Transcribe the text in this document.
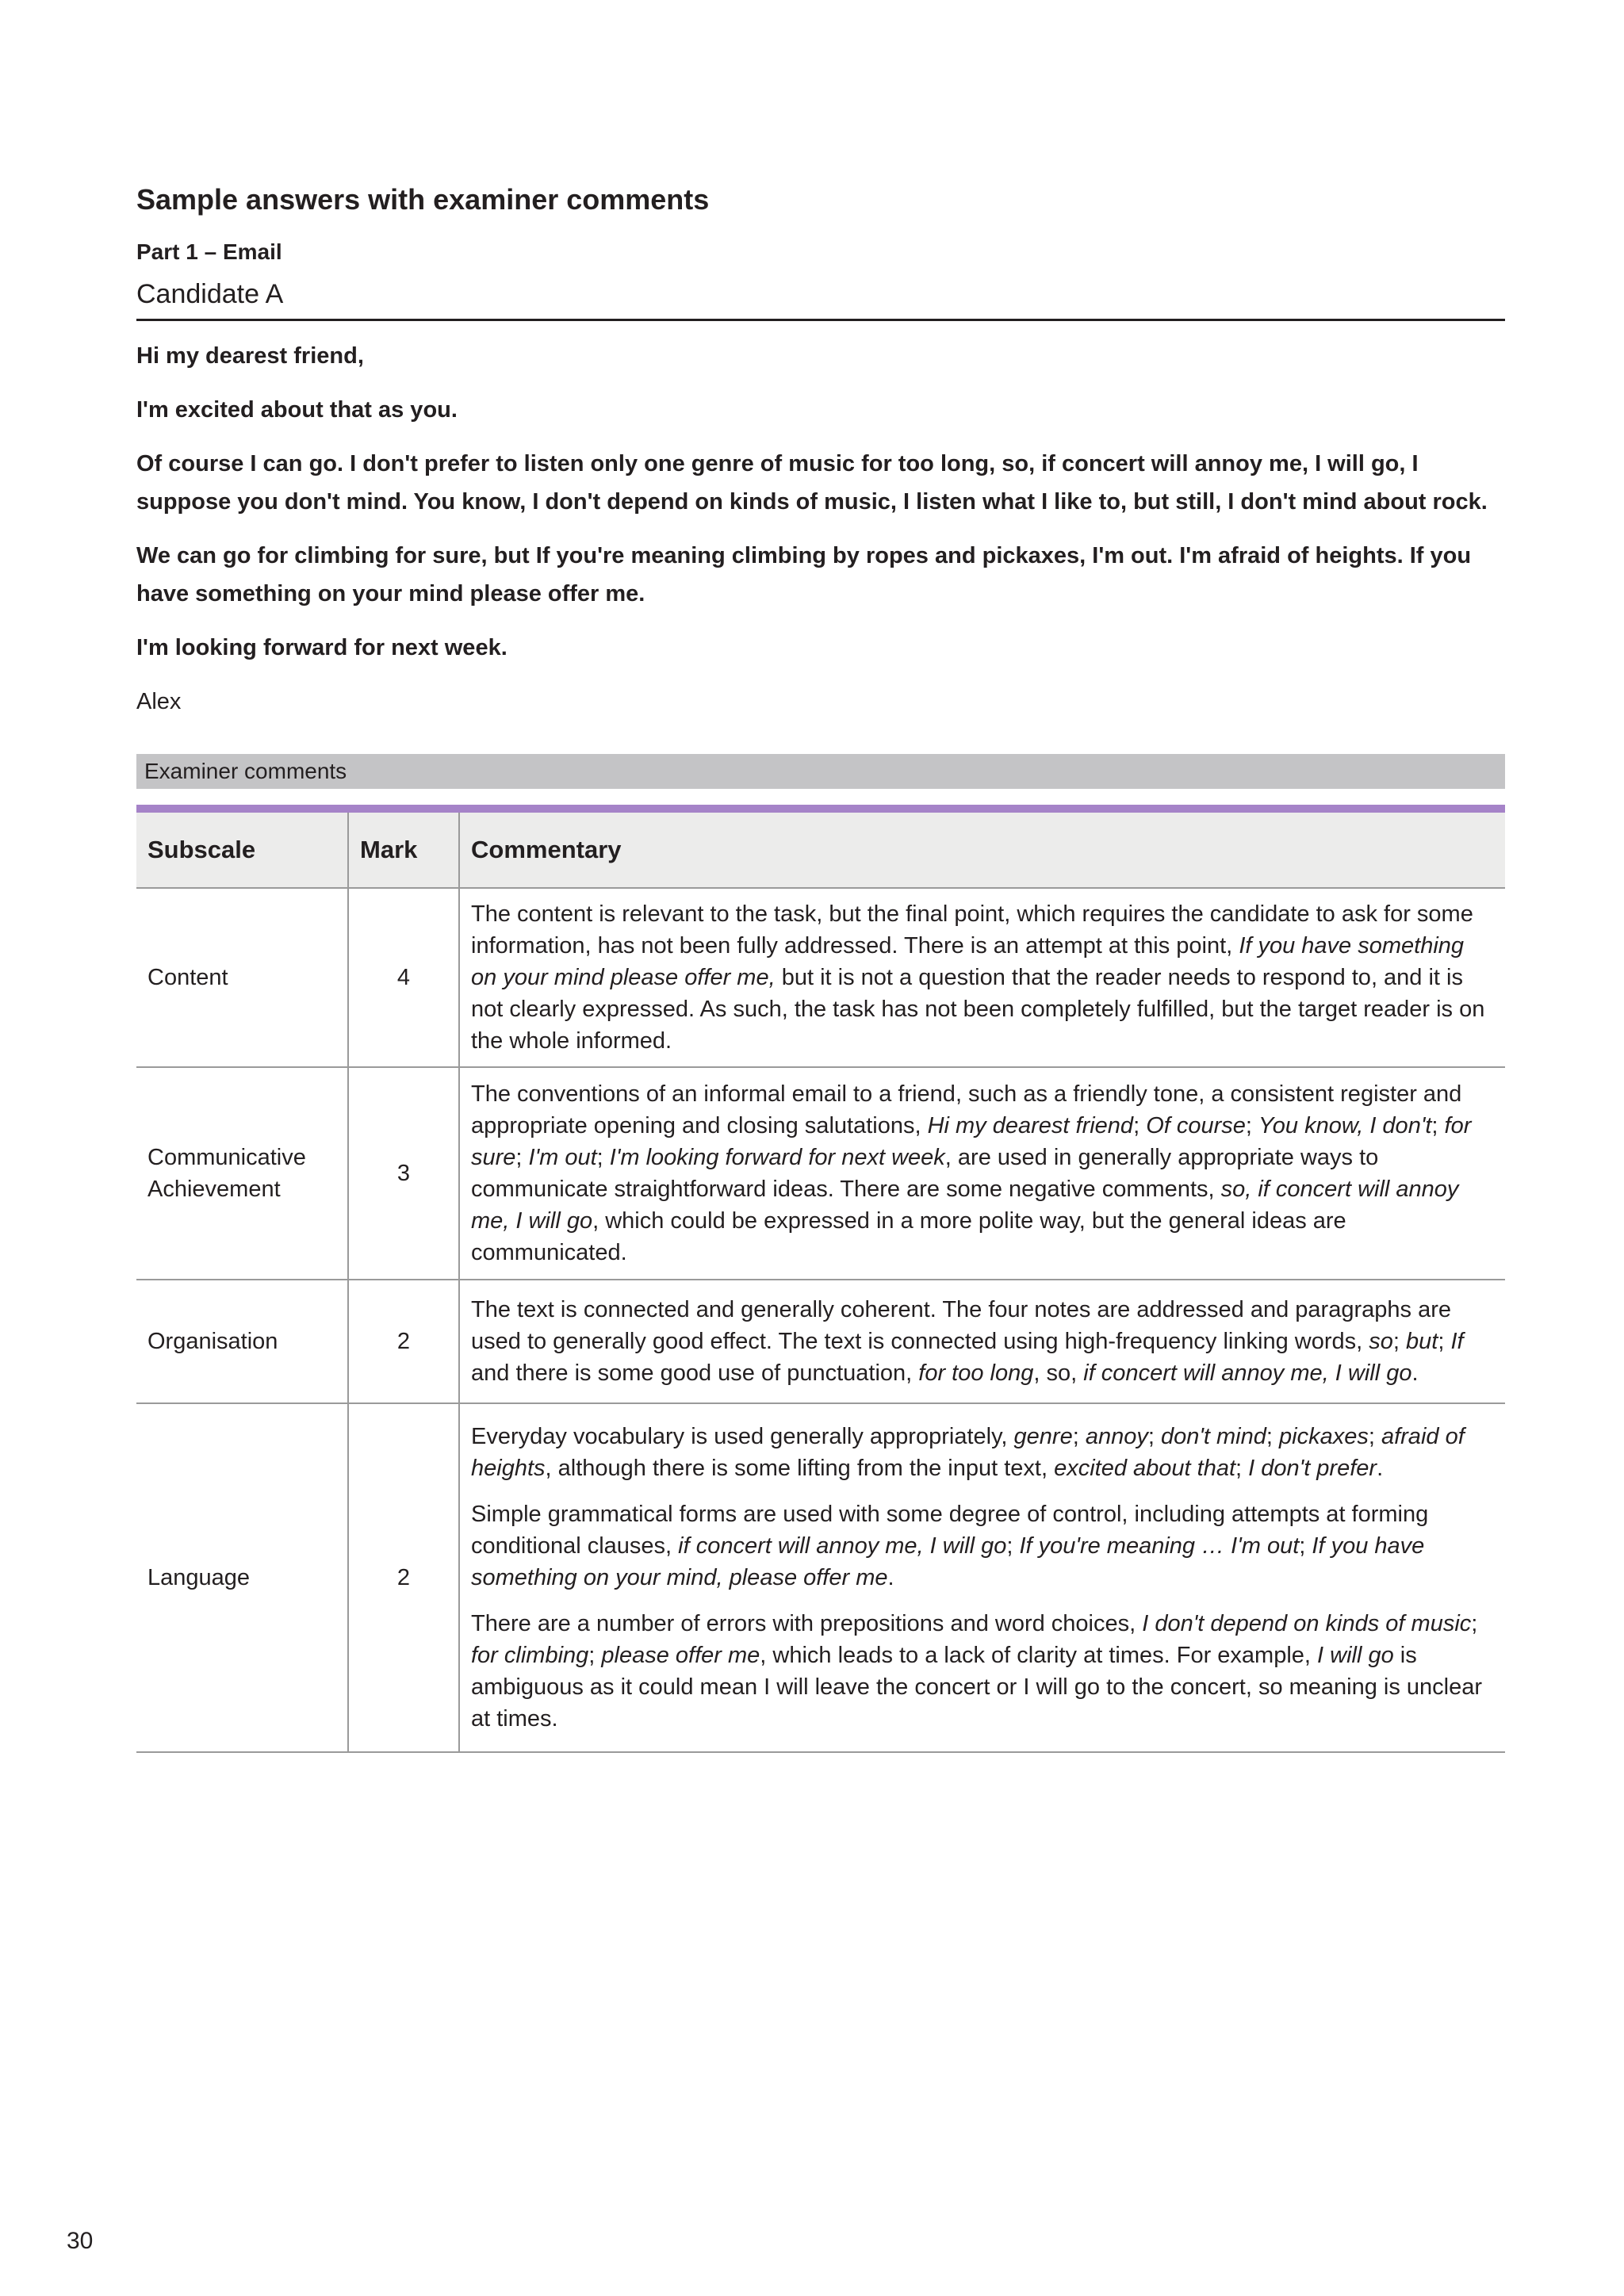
Sample answers with examiner comments
Part 1 – Email
Candidate A

Hi my dearest friend,

I'm excited about that as you.

Of course I can go. I don't prefer to listen only one genre of music for too long, so, if concert will annoy me, I will go, I suppose you don't mind. You know, I don't depend on kinds of music, I listen what I like to, but still, I don't mind about rock.

We can go for climbing for sure, but If you're meaning climbing by ropes and pickaxes, I'm out. I'm afraid of heights. If you have something on your mind please offer me.

I'm looking forward for next week.

Alex

Examiner comments
Subscale	Mark	Commentary
Content	4	The content is relevant to the task, but the final point, which requires the candidate to ask for some information, has not been fully addressed. There is an attempt at this point, If you have something on your mind please offer me, but it is not a question that the reader needs to respond to, and it is not clearly expressed. As such, the task has not been completely fulfilled, but the target reader is on the whole informed.
Communicative Achievement	3	The conventions of an informal email to a friend, such as a friendly tone, a consistent register and appropriate opening and closing salutations, Hi my dearest friend; Of course; You know, I don't; for sure; I'm out; I'm looking forward for next week, are used in generally appropriate ways to communicate straightforward ideas. There are some negative comments, so, if concert will annoy me, I will go, which could be expressed in a more polite way, but the general ideas are communicated.
Organisation	2	The text is connected and generally coherent. The four notes are addressed and paragraphs are used to generally good effect. The text is connected using high-frequency linking words, so; but; If and there is some good use of punctuation, for too long, so, if concert will annoy me, I will go.
Language	2	Everyday vocabulary is used generally appropriately, genre; annoy; don't mind; pickaxes; afraid of heights, although there is some lifting from the input text, excited about that; I don't prefer.

Simple grammatical forms are used with some degree of control, including attempts at forming conditional clauses, if concert will annoy me, I will go; If you're meaning … I'm out; If you have something on your mind, please offer me.

There are a number of errors with prepositions and word choices, I don't depend on kinds of music; for climbing; please offer me, which leads to a lack of clarity at times. For example, I will go is ambiguous as it could mean I will leave the concert or I will go to the concert, so meaning is unclear at times.

30
